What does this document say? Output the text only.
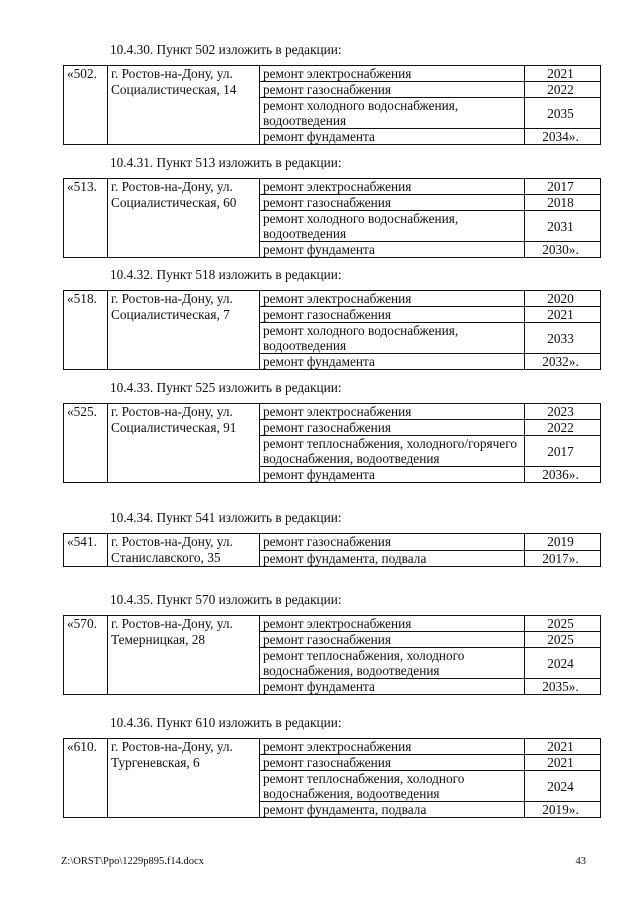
10.4.30. Пункт 502 изложить в редакции:
«502.	г. Ростов-на-Дону, ул. Социалистическая, 14	ремонт электроснабжения	2021
		ремонт газоснабжения	2022
		ремонт холодного водоснабжения, водоотведения	2035
		ремонт фундамента	2034».
10.4.31. Пункт 513 изложить в редакции:
«513.	г. Ростов-на-Дону, ул. Социалистическая, 60	ремонт электроснабжения	2017
		ремонт газоснабжения	2018
		ремонт холодного водоснабжения, водоотведения	2031
		ремонт фундамента	2030».
10.4.32. Пункт 518 изложить в редакции:
«518.	г. Ростов-на-Дону, ул. Социалистическая, 7	ремонт электроснабжения	2020
		ремонт газоснабжения	2021
		ремонт холодного водоснабжения, водоотведения	2033
		ремонт фундамента	2032».
10.4.33. Пункт 525 изложить в редакции:
«525.	г. Ростов-на-Дону, ул. Социалистическая, 91	ремонт электроснабжения	2023
		ремонт газоснабжения	2022
		ремонт теплоснабжения, холодного/горячего водоснабжения, водоотведения	2017
		ремонт фундамента	2036».
10.4.34. Пункт 541 изложить в редакции:
«541.	г. Ростов-на-Дону, ул. Станиславского, 35	ремонт газоснабжения	2019
		ремонт фундамента, подвала	2017».
10.4.35. Пункт 570 изложить в редакции:
«570.	г. Ростов-на-Дону, ул. Темерницкая, 28	ремонт электроснабжения	2025
		ремонт газоснабжения	2025
		ремонт теплоснабжения, холодного водоснабжения, водоотведения	2024
		ремонт фундамента	2035».
10.4.36. Пункт 610 изложить в редакции:
«610.	г. Ростов-на-Дону, ул. Тургеневская, 6	ремонт электроснабжения	2021
		ремонт газоснабжения	2021
		ремонт теплоснабжения, холодного водоснабжения, водоотведения	2024
		ремонт фундамента, подвала	2019».
Z:\ORST\Ppo\1229p895.f14.docx	43
